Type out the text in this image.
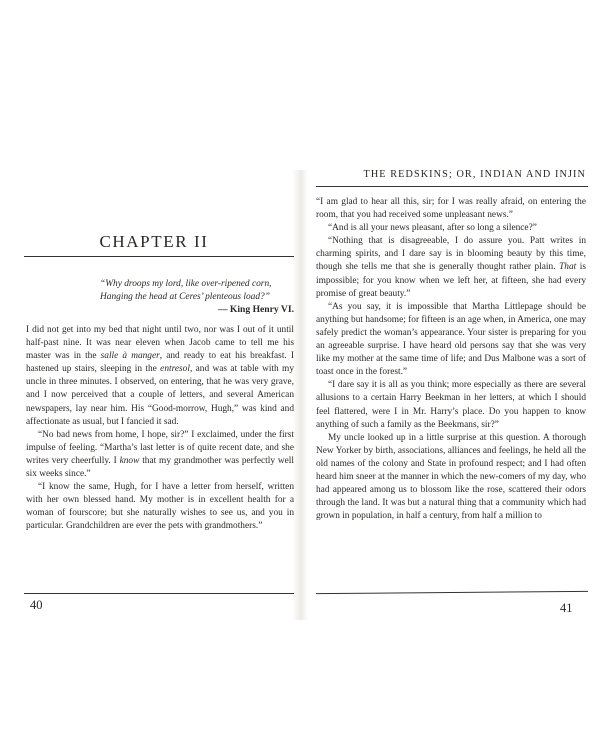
CHAPTER II
“Why droops my lord, like over-ripened corn,
Hanging the head at Ceres’ plenteous load?”
— King Henry VI.

I did not get into my bed that night until two, nor was I out of it until half-past nine. It was near eleven when Jacob came to tell me his master was in the salle à manger, and ready to eat his breakfast. I hastened up stairs, sleeping in the entresol, and was at table with my uncle in three minutes. I observed, on entering, that he was very grave, and I now perceived that a couple of letters, and several American newspapers, lay near him. His “Good-morrow, Hugh,” was kind and affectionate as usual, but I fancied it sad.

“No bad news from home, I hope, sir?” I exclaimed, under the first impulse of feeling. “Martha’s last letter is of quite recent date, and she writes very cheerfully. I know that my grandmother was perfectly well six weeks since.”

“I know the same, Hugh, for I have a letter from herself, written with her own blessed hand. My mother is in excellent health for a woman of fourscore; but she naturally wishes to see us, and you in particular. Grandchildren are ever the pets with grandmothers.”

THE REDSKINS; OR, INDIAN AND INJIN

“I am glad to hear all this, sir; for I was really afraid, on entering the room, that you had received some unpleasant news.”

“And is all your news pleasant, after so long a silence?”

“Nothing that is disagreeable, I do assure you. Patt writes in charming spirits, and I dare say is in blooming beauty by this time, though she tells me that she is generally thought rather plain. That is impossible; for you know when we left her, at fifteen, she had every promise of great beauty.”

“As you say, it is impossible that Martha Littlepage should be anything but handsome; for fifteen is an age when, in America, one may safely predict the woman’s appearance. Your sister is preparing for you an agreeable surprise. I have heard old persons say that she was very like my mother at the same time of life; and Dus Malbone was a sort of toast once in the forest.”

“I dare say it is all as you think; more especially as there are several allusions to a certain Harry Beekman in her letters, at which I should feel flattered, were I in Mr. Harry’s place. Do you happen to know anything of such a family as the Beekmans, sir?”

My uncle looked up in a little surprise at this question. A thorough New Yorker by birth, associations, alliances and feelings, he held all the old names of the colony and State in profound respect; and I had often heard him sneer at the manner in which the new-comers of my day, who had appeared among us to blossom like the rose, scattered their odors through the land. It was but a natural thing that a community which had grown in population, in half a century, from half a million to

40	41
